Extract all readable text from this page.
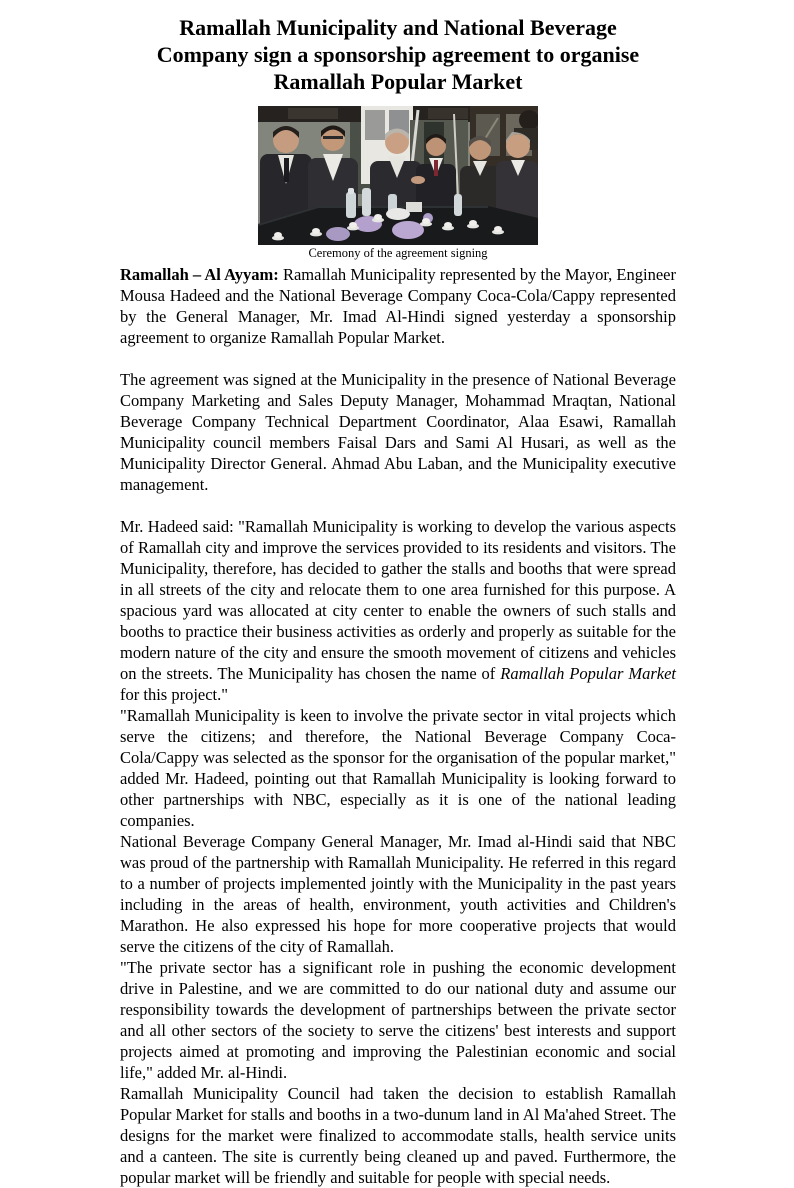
Ramallah Municipality and National Beverage
Company sign a sponsorship agreement to organise
Ramallah Popular Market
Ceremony of the agreement signing

Ramallah – Al Ayyam: Ramallah Municipality represented by the Mayor, Engineer Mousa Hadeed and the National Beverage Company Coca-Cola/Cappy represented by the General Manager, Mr. Imad Al-Hindi signed yesterday a sponsorship agreement to organize Ramallah Popular Market.

The agreement was signed at the Municipality in the presence of National Beverage Company Marketing and Sales Deputy Manager, Mohammad Mraqtan, National Beverage Company Technical Department Coordinator, Alaa Esawi, Ramallah Municipality council members Faisal Dars and Sami Al Husari, as well as the Municipality Director General. Ahmad Abu Laban, and the Municipality executive management.

Mr. Hadeed said: "Ramallah Municipality is working to develop the various aspects of Ramallah city and improve the services provided to its residents and visitors. The Municipality, therefore, has decided to gather the stalls and booths that were spread in all streets of the city and relocate them to one area furnished for this purpose. A spacious yard was allocated at city center to enable the owners of such stalls and booths to practice their business activities as orderly and properly as suitable for the modern nature of the city and ensure the smooth movement of citizens and vehicles on the streets. The Municipality has chosen the name of Ramallah Popular Market for this project."

"Ramallah Municipality is keen to involve the private sector in vital projects which serve the citizens; and therefore, the National Beverage Company Coca-Cola/Cappy was selected as the sponsor for the organisation of the popular market," added Mr. Hadeed, pointing out that Ramallah Municipality is looking forward to other partnerships with NBC, especially as it is one of the national leading companies.

National Beverage Company General Manager, Mr. Imad al-Hindi said that NBC was proud of the partnership with Ramallah Municipality. He referred in this regard to a number of projects implemented jointly with the Municipality in the past years including in the areas of health, environment, youth activities and Children's Marathon. He also expressed his hope for more cooperative projects that would serve the citizens of the city of Ramallah.

"The private sector has a significant role in pushing the economic development drive in Palestine, and we are committed to do our national duty and assume our responsibility towards the development of partnerships between the private sector and all other sectors of the society to serve the citizens' best interests and support projects aimed at promoting and improving the Palestinian economic and social life," added Mr. al-Hindi.

Ramallah Municipality Council had taken the decision to establish Ramallah Popular Market for stalls and booths in a two-dunum land in Al Ma'ahed Street. The designs for the market were finalized to accommodate stalls, health service units and a canteen. The site is currently being cleaned up and paved. Furthermore, the popular market will be friendly and suitable for people with special needs.
